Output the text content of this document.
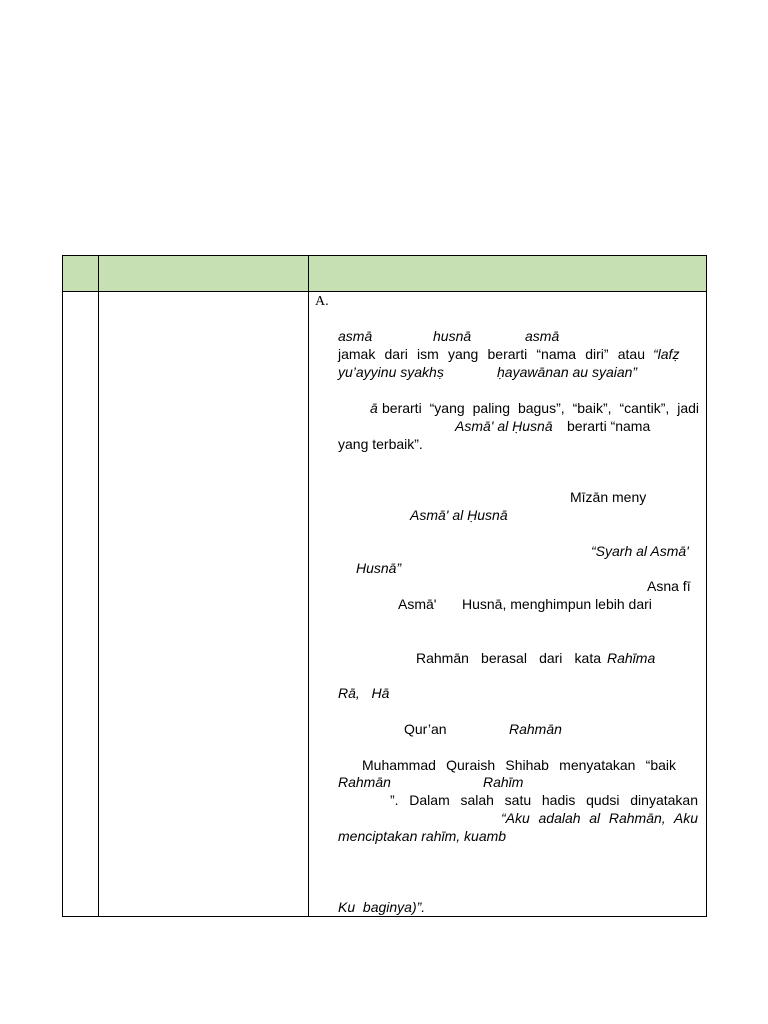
A.
asmā	husnā	asmā
jamak dari ism yang berarti “nama diri” atau “lafẓ
yu’ayyinu syakhṣ	ḥayawānan au syaian”
ā berarti “yang paling bagus”, “baik”, “cantik”, jadi
Asmā' al Ḥusnā berarti “nama
yang terbaik”.
Mīzān meny
Asmā' al Ḥusnā
“Syarh al Asmā'
Husnā”
Asna fī
Asmā' Husnā, menghimpun lebih dari
Rahmān berasal dari kata Rahīma
Rā,   Hā
Qur’an	Rahmān
Muhammad Quraish Shihab menyatakan “baik
Rahmān	Rahīm
”. Dalam salah satu hadis qudsi dinyatakan
“Aku adalah al Rahmān, Aku
menciptakan rahīm, kuamb
Ku  baginya)”.
